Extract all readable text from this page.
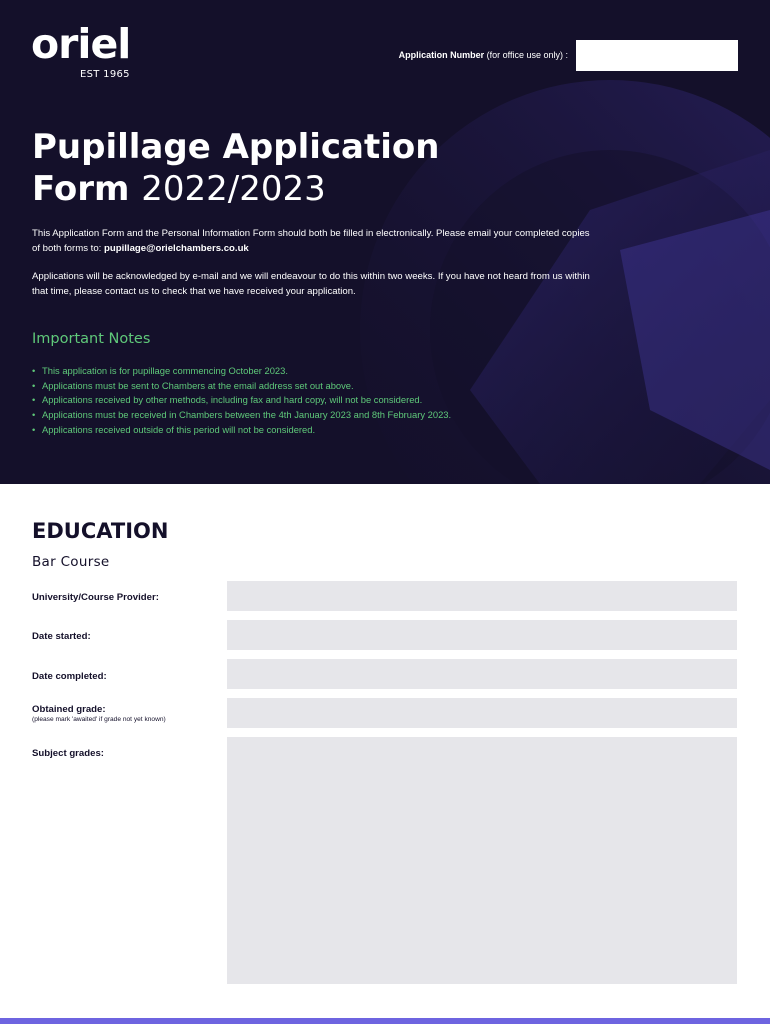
oriel
EST 1965
Application Number (for office use only) :
Pupillage Application
Form 2022/2023

This Application Form and the Personal Information Form should both be filled in electronically. Please email your completed copies of both forms to: pupillage@orielchambers.co.uk

Applications will be acknowledged by e-mail and we will endeavour to do this within two weeks. If you have not heard from us within that time, please contact us to check that we have received your application.

Important Notes
• This application is for pupillage commencing October 2023.
• Applications must be sent to Chambers at the email address set out above.
• Applications received by other methods, including fax and hard copy, will not be considered.
• Applications must be received in Chambers between the 4th January 2023 and 8th February 2023.
• Applications received outside of this period will not be considered.
EDUCATION
Bar Course
University/Course Provider:
Date started:
Date completed:
Obtained grade:
(please mark 'awaited' if grade not yet known)
Subject grades:
